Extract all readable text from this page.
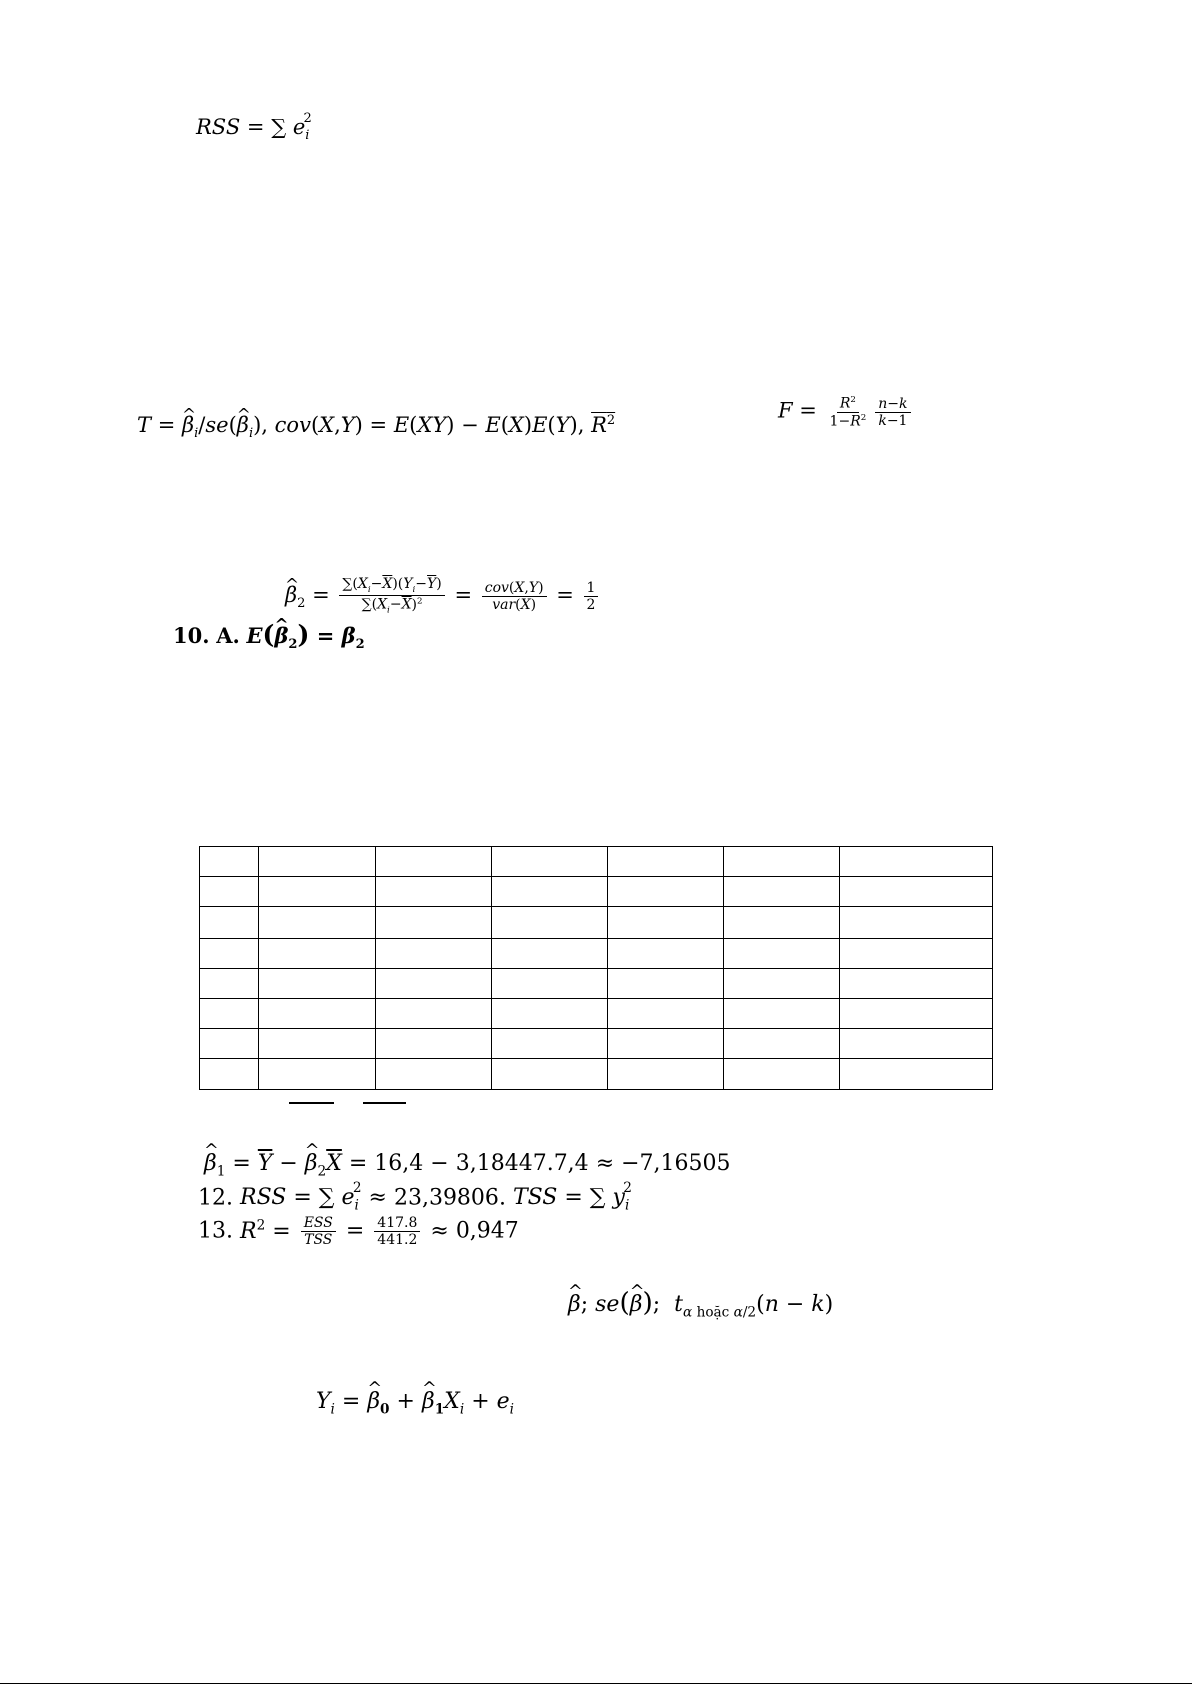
RSS = ∑ $e_i^2$
T = ^ $\beta_i/se(\^{}$ $\beta_i$), cov(X,Y) = E(XY) − E(X)E(Y), $R^2$	$F = \frac{R^2}{1-R^2} \frac{n-k}{k-1}$
^ $\beta_2 = \frac{\sum(X_i-\overline{X})(Y_i-\overline{Y})}{\sum(X_i-\overline{X})^2} = \frac{\text{cov(X,Y)}}{\text{var(X)}} = \frac{1}{2}$
10. A. E(^ $\beta_2) = \beta_2$

^ $\beta_1 = \overline{Y}$ − ^ $\beta_2\overline{X} = 16,4 - 3,18447.7,4 \approx -7,16505$
12. RSS = ∑ $e_i^2 \approx 23,39806$. TSS = ∑ $y_i^2$
13. $R^2 = \frac{\text{ESS}}{\text{TSS}} = \frac{417.8}{441.2} \approx 0,947$
^ β; se(^ β);  $t_{\alpha hoặc \alpha/2}(n - k)$
$Y_i$ = ^ $\beta_0$ + ^ $\beta_1X_i + e_i$
